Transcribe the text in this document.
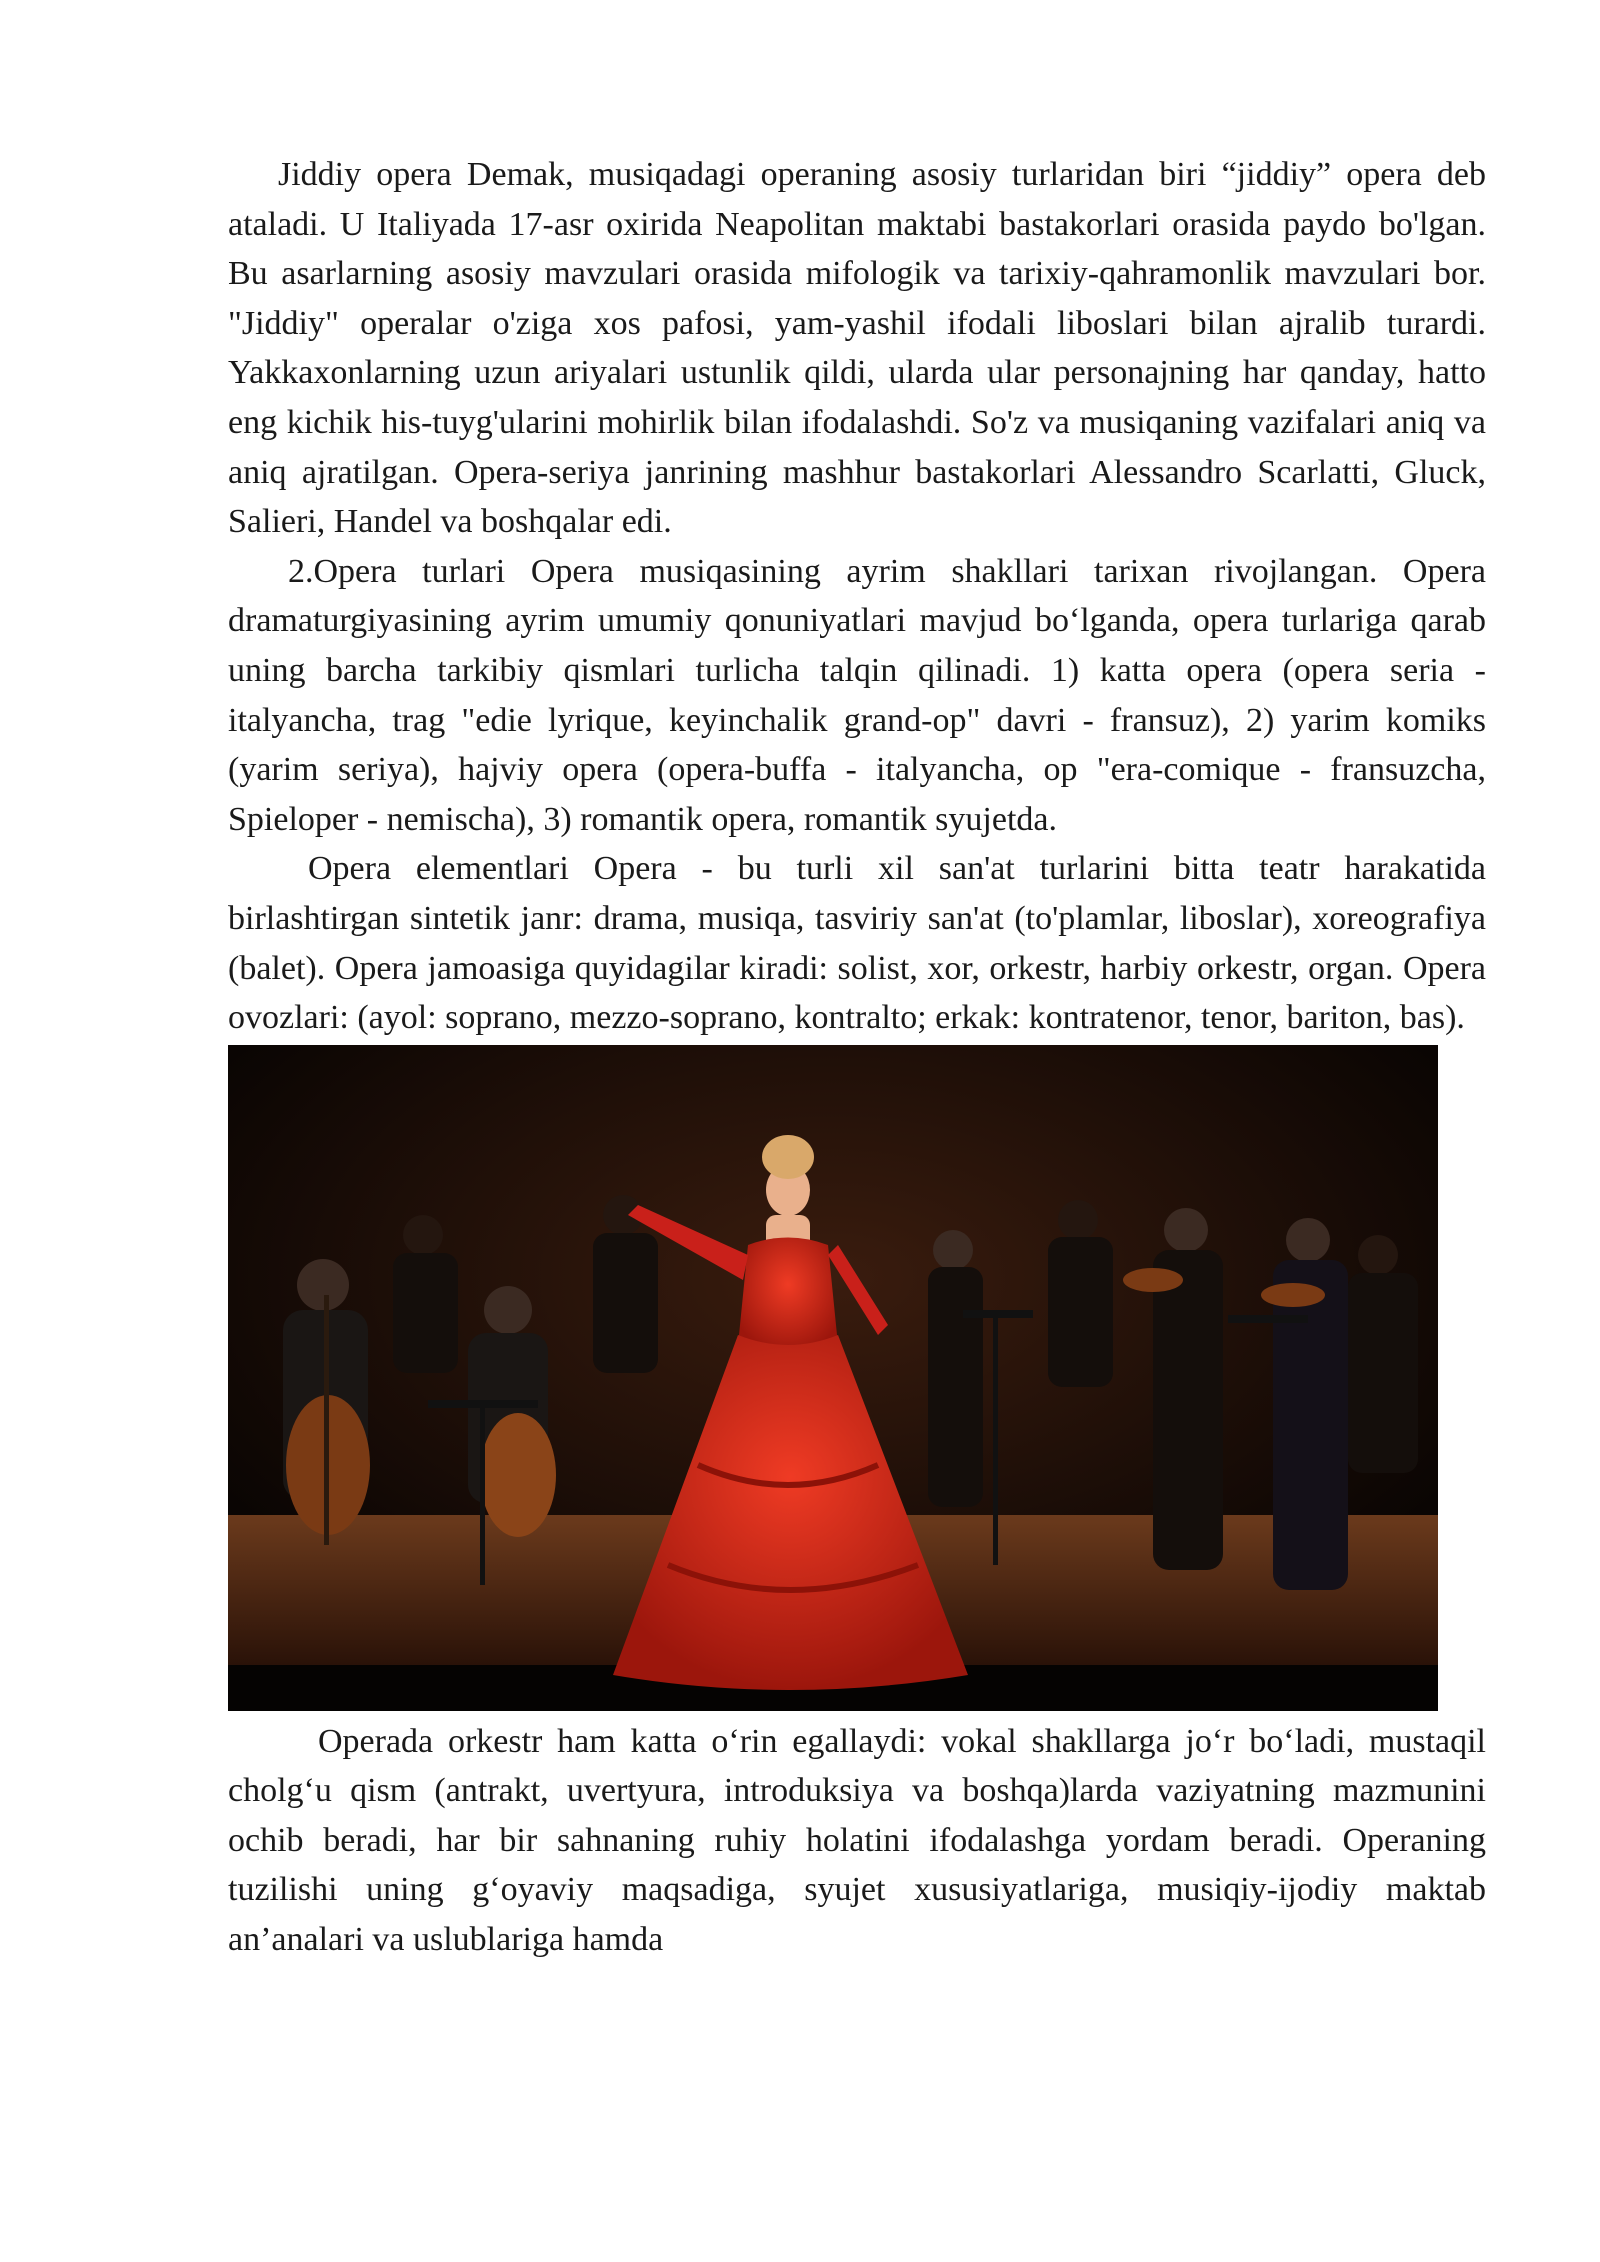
Jiddiy opera Demak, musiqadagi operaning asosiy turlaridan biri “jiddiy” opera deb ataladi. U Italiyada 17-asr oxirida Neapolitan maktabi bastakorlari orasida paydo bo'lgan. Bu asarlarning asosiy mavzulari orasida mifologik va tarixiy-qahramonlik mavzulari bor. "Jiddiy" operalar o'ziga xos pafosi, yam-yashil ifodali liboslari bilan ajralib turardi. Yakkaxonlarning uzun ariyalari ustunlik qildi, ularda ular personajning har qanday, hatto eng kichik his-tuyg'ularini mohirlik bilan ifodalashdi. So'z va musiqaning vazifalari aniq va aniq ajratilgan. Opera-seriya janrining mashhur bastakorlari Alessandro Scarlatti, Gluck, Salieri, Handel va boshqalar edi.

2.Opera turlari Opera musiqasining ayrim shakllari tarixan rivojlangan. Opera dramaturgiyasining ayrim umumiy qonuniyatlari mavjud bo‘lganda, opera turlariga qarab uning barcha tarkibiy qismlari turlicha talqin qilinadi. 1) katta opera (opera seria - italyancha, trag "edie lyrique, keyinchalik grand-op" davri - fransuz), 2) yarim komiks (yarim seriya), hajviy opera (opera-buffa - italyancha, op "era-comique - fransuzcha, Spieloper - nemischa), 3) romantik opera, romantik syujetda.

Opera elementlari Opera - bu turli xil san'at turlarini bitta teatr harakatida birlashtirgan sintetik janr: drama, musiqa, tasviriy san'at (to'plamlar, liboslar), xoreografiya (balet). Opera jamoasiga quyidagilar kiradi: solist, xor, orkestr, harbiy orkestr, organ. Opera ovozlari: (ayol: soprano, mezzo-soprano, kontralto; erkak: kontratenor, tenor, bariton, bas).

Operada orkestr ham katta o‘rin egallaydi: vokal shakllarga jo‘r bo‘ladi, mustaqil cholg‘u qism (antrakt, uvertyura, introduksiya va boshqa)larda vaziyatning mazmunini ochib beradi, har bir sahnaning ruhiy holatini ifodalashga yordam beradi. Operaning tuzilishi uning g‘oyaviy maqsadiga, syujet xususiyatlariga, musiqiy-ijodiy maktab an’analari va uslublariga hamda
